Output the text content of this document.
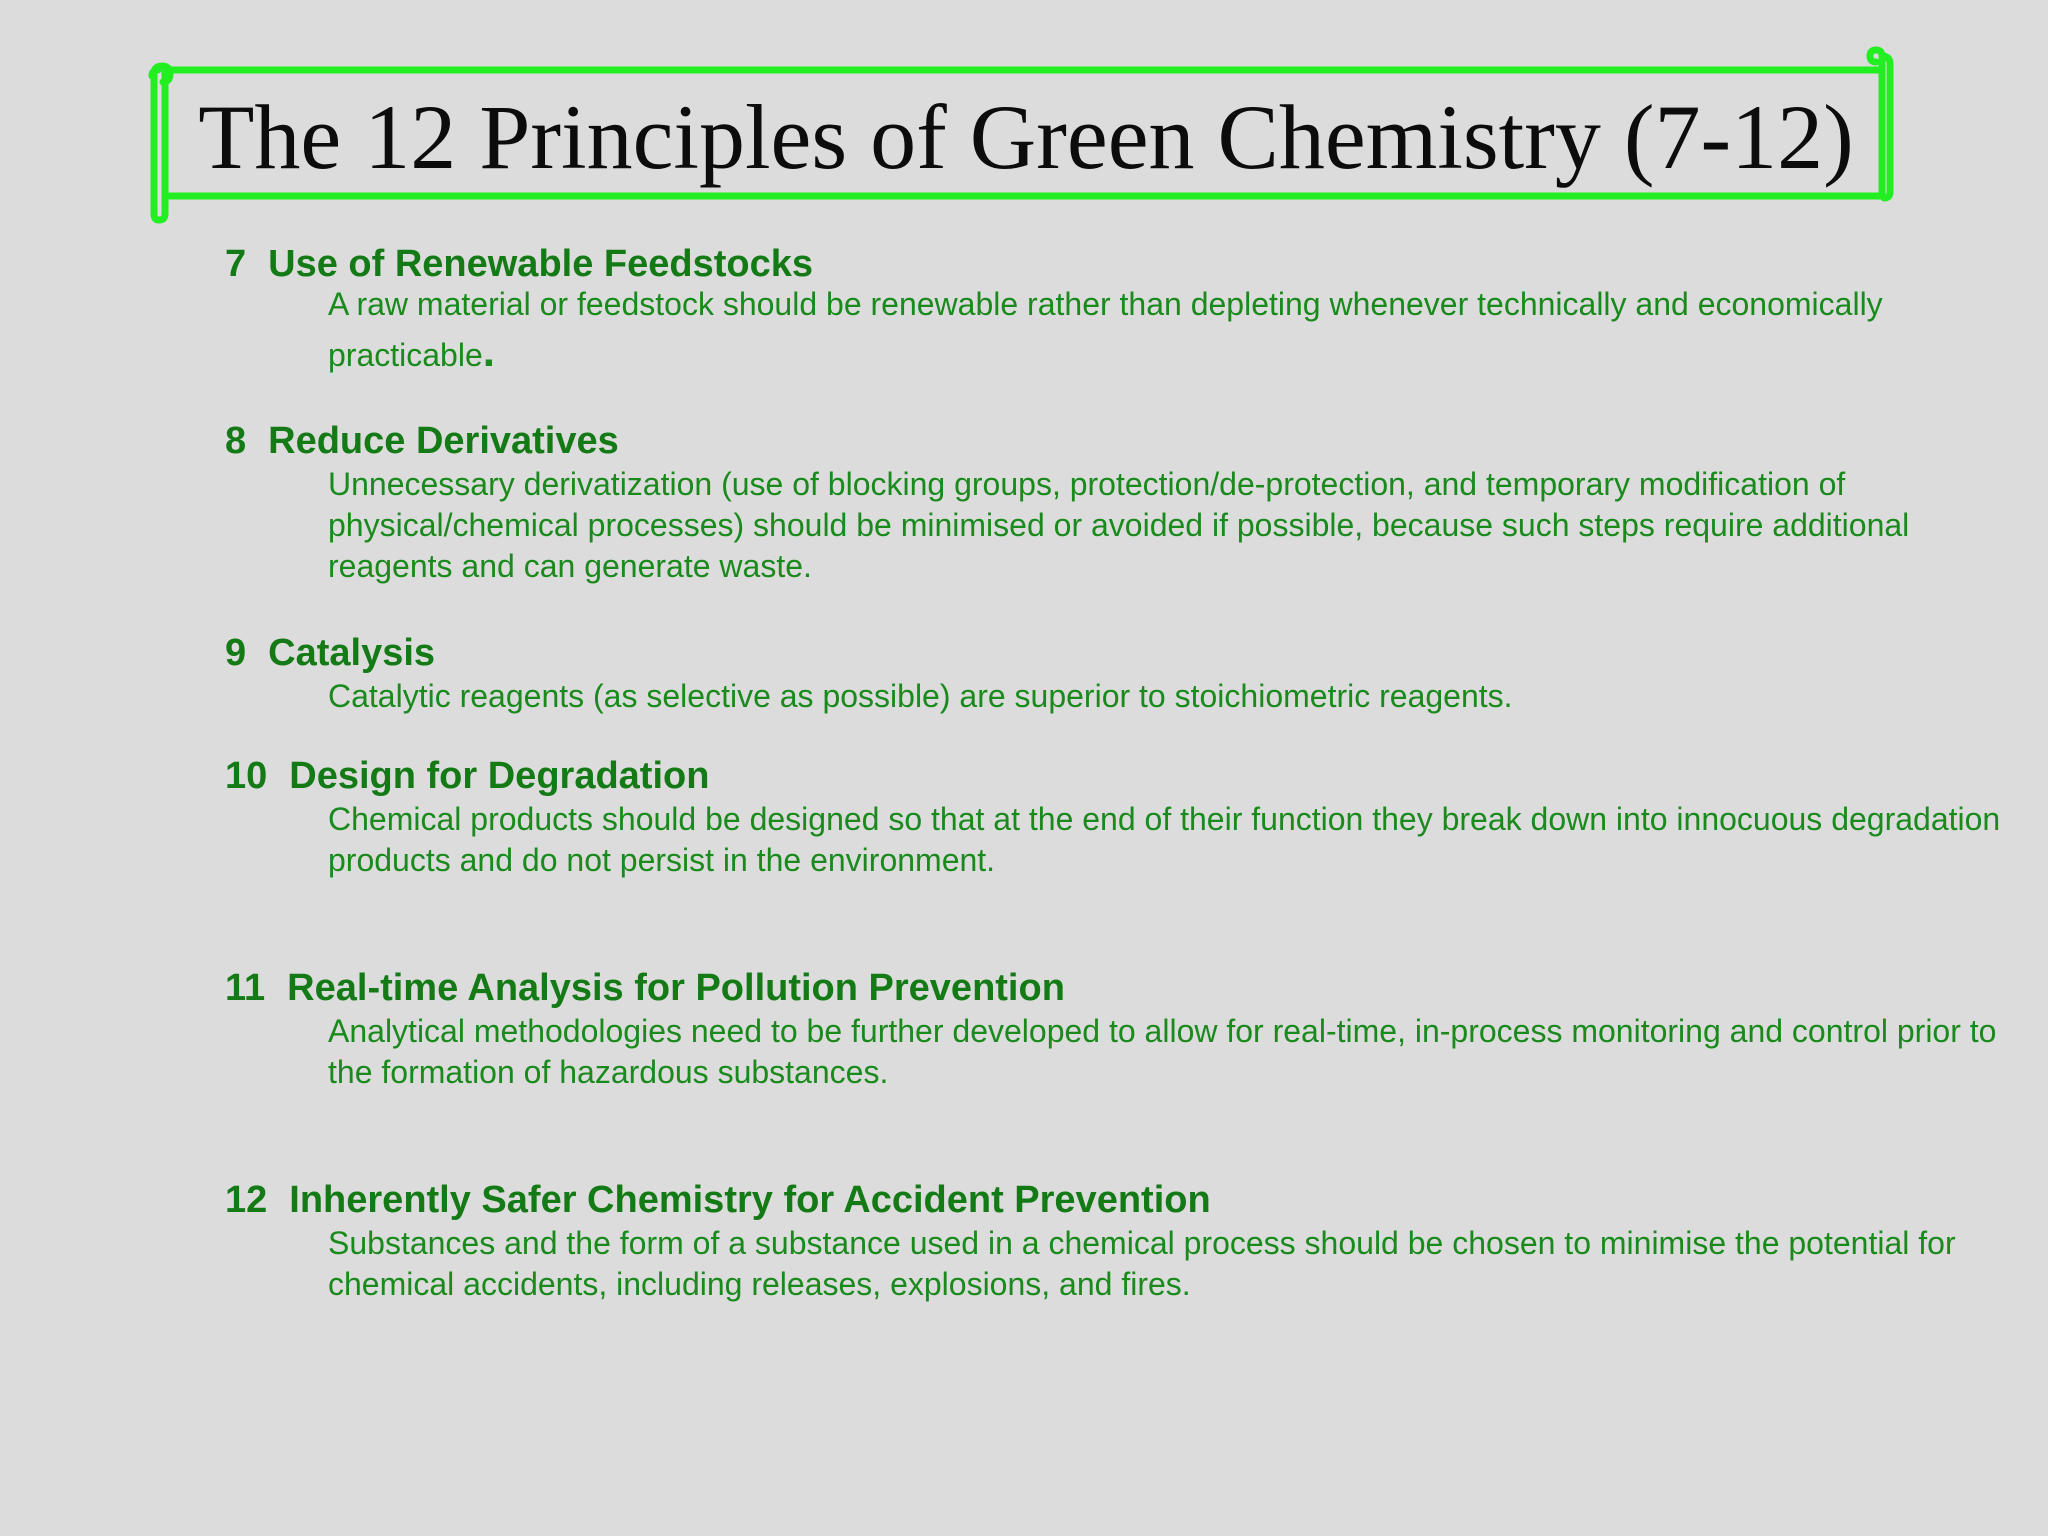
The 12 Principles of Green Chemistry (7-12)
7 Use of Renewable Feedstocks
A raw material or feedstock should be renewable rather than depleting whenever technically and economically practicable.
8 Reduce Derivatives
Unnecessary derivatization (use of blocking groups, protection/de-protection, and temporary modification of physical/chemical processes) should be minimised or avoided if possible, because such steps require additional reagents and can generate waste.
9 Catalysis
Catalytic reagents (as selective as possible) are superior to stoichiometric reagents.
10 Design for Degradation
Chemical products should be designed so that at the end of their function they break down into innocuous degradation products and do not persist in the environment.
11 Real-time Analysis for Pollution Prevention
Analytical methodologies need to be further developed to allow for real-time, in-process monitoring and control prior to the formation of hazardous substances.
12 Inherently Safer Chemistry for Accident Prevention
Substances and the form of a substance used in a chemical process should be chosen to minimise the potential for chemical accidents, including releases, explosions, and fires.
